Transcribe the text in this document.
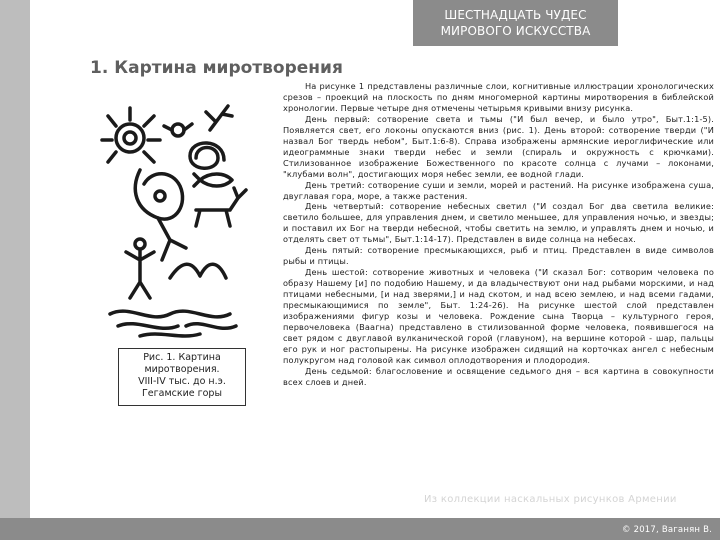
© 2017, Ваганян В.
ШЕСТНАДЦАТЬ ЧУДЕС
МИРОВОГО ИСКУССТВА
1. Картина миротворения
Рис. 1. Картина
миротворения.
VIII-IV тыс. до н.э.
Гегамские горы

На рисунке 1 представлены различные слои, когнитивные иллюстрации хронологических срезов – проекций на плоскость по дням многомерной картины миротворения в библейской хронологии. Первые четыре дня отмечены четырьмя кривыми внизу рисунка.

День первый: сотворение света и тьмы ("И был вечер, и было утро", Быт.1:1-5). Появляется свет, его локоны опускаются вниз (рис. 1). День второй: сотворение тверди ("И назвал Бог твердь небом", Быт.1:6-8). Справа изображены армянские иероглифические или идеограммные знаки тверди небес и земли (спираль и окружность с крючками). Стилизованное изображение Божественного по красоте солнца с лучами – локонами, "клубами волн", достигающих моря небес земли, ее водной глади.

День третий: сотворение суши и земли, морей и растений. На рисунке изображена суша, двуглавая гора, море, а также растения.

День четвертый: сотворение небесных светил ("И создал Бог два светила великие: светило большее, для управления днем, и светило меньшее, для управления ночью, и звезды; и поставил их Бог на тверди небесной, чтобы светить на землю, и управлять днем и ночью, и отделять свет от тьмы", Быт.1:14-17). Представлен в виде солнца на небесах.

День пятый: сотворение пресмыкающихся, рыб и птиц. Представлен в виде символов рыбы и птицы.

День шестой: сотворение животных и человека ("И сказал Бог: сотворим человека по образу Нашему [и] по подобию Нашему, и да владычествуют они над рыбами морскими, и над птицами небесными, [и над зверями,] и над скотом, и над всею землею, и над всеми гадами, пресмыкающимися по земле", Быт. 1:24-26). На рисунке шестой слой представлен изображениями фигур козы и человека. Рождение сына Творца – культурного героя, первочеловека (Ваагна) представлено в стилизованной форме человека, появившегося на свет рядом с двуглавой вулканической горой (главуном), на вершине которой - шар, пальцы его рук и ног растопырены. На рисунке изображен сидящий на корточках ангел с небесным полукругом над головой как символ оплодотворения и плодородия.

День седьмой: благословение и освящение седьмого дня – вся картина в совокупности всех слоев и дней.

Из коллекции наскальных рисунков Армении
